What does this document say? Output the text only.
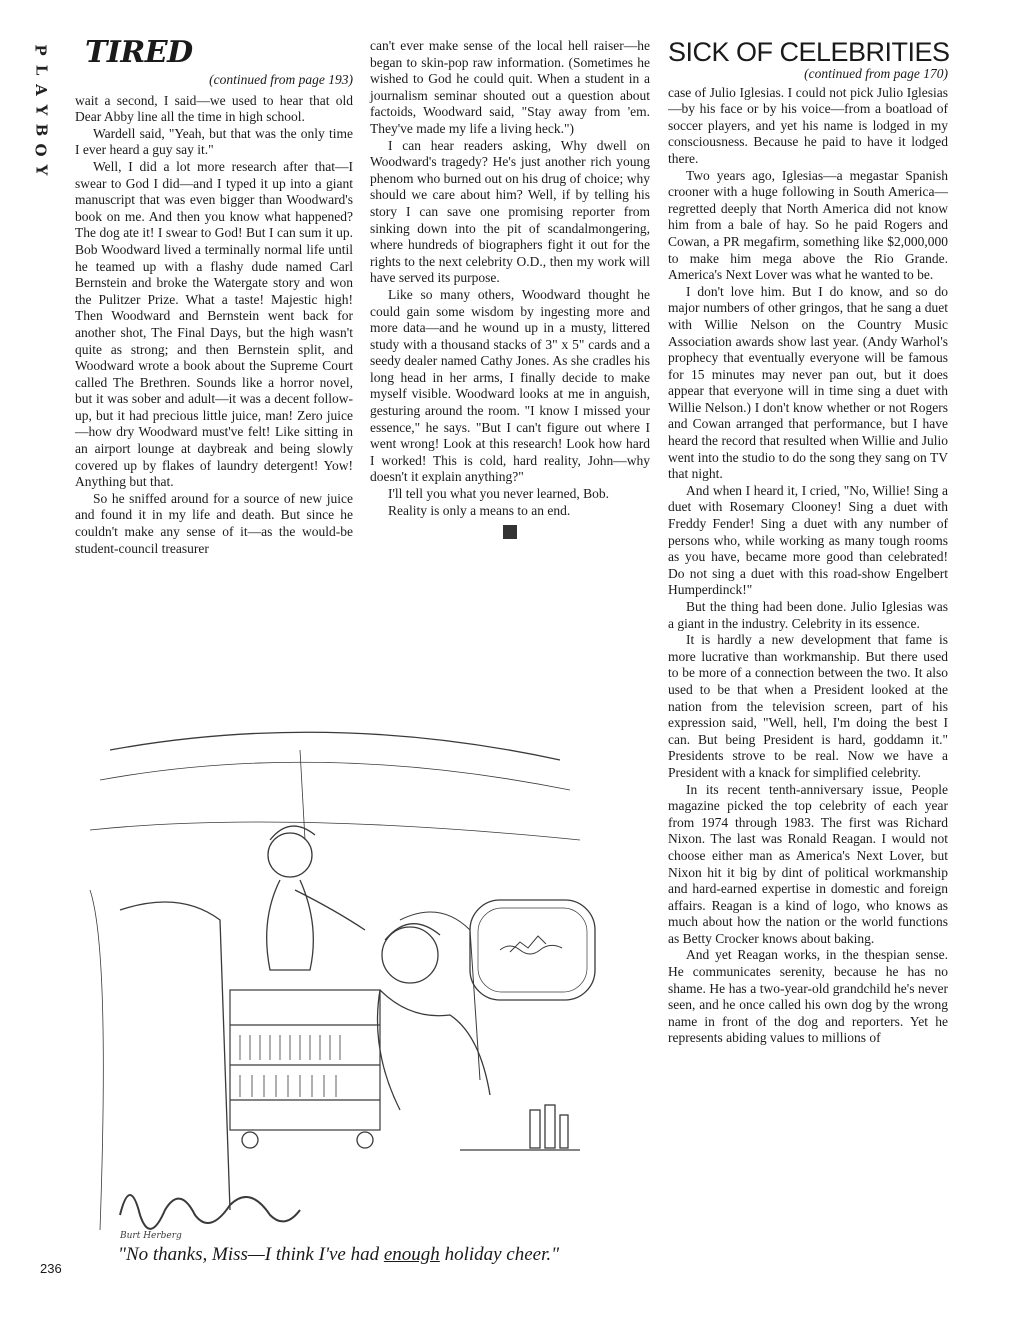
P
L
A
Y
B
O
Y
TIRED
(continued from page 193)

wait a second, I said—we used to hear that old Dear Abby line all the time in high school.

Wardell said, "Yeah, but that was the only time I ever heard a guy say it."

Well, I did a lot more research after that—I swear to God I did—and I typed it up into a giant manuscript that was even bigger than Woodward's book on me. And then you know what happened? The dog ate it! I swear to God! But I can sum it up. Bob Woodward lived a terminally normal life until he teamed up with a flashy dude named Carl Bernstein and broke the Watergate story and won the Pulitzer Prize. What a taste! Majestic high! Then Woodward and Bernstein went back for another shot, The Final Days, but the high wasn't quite as strong; and then Bernstein split, and Woodward wrote a book about the Supreme Court called The Brethren. Sounds like a horror novel, but it was sober and adult—it was a decent follow-up, but it had precious little juice, man! Zero juice—how dry Woodward must've felt! Like sitting in an airport lounge at daybreak and being slowly covered up by flakes of laundry detergent! Yow! Anything but that.

So he sniffed around for a source of new juice and found it in my life and death. But since he couldn't make any sense of it—as the would-be student-council treasurer

can't ever make sense of the local hell raiser—he began to skin-pop raw information. (Sometimes he wished to God he could quit. When a student in a journalism seminar shouted out a question about factoids, Woodward said, "Stay away from 'em. They've made my life a living heck.")

I can hear readers asking, Why dwell on Woodward's tragedy? He's just another rich young phenom who burned out on his drug of choice; why should we care about him? Well, if by telling his story I can save one promising reporter from sinking down into the pit of scandalmongering, where hundreds of biographers fight it out for the rights to the next celebrity O.D., then my work will have served its purpose.

Like so many others, Woodward thought he could gain some wisdom by ingesting more and more data—and he wound up in a musty, littered study with a thousand stacks of 3" x 5" cards and a seedy dealer named Cathy Jones. As she cradles his long head in her arms, I finally decide to make myself visible. Woodward looks at me in anguish, gesturing around the room. "I know I missed your essence," he says. "But I can't figure out where I went wrong! Look at this research! Look how hard I worked! This is cold, hard reality, John—why doesn't it explain anything?"

I'll tell you what you never learned, Bob.

Reality is only a means to an end.

SICK OF CELEBRITIES
(continued from page 170)

case of Julio Iglesias. I could not pick Julio Iglesias—by his face or by his voice—from a boatload of soccer players, and yet his name is lodged in my consciousness. Because he paid to have it lodged there.

Two years ago, Iglesias—a megastar Spanish crooner with a huge following in South America—regretted deeply that North America did not know him from a bale of hay. So he paid Rogers and Cowan, a PR megafirm, something like $2,000,000 to make him mega above the Rio Grande. America's Next Lover was what he wanted to be.

I don't love him. But I do know, and so do major numbers of other gringos, that he sang a duet with Willie Nelson on the Country Music Association awards show last year. (Andy Warhol's prophecy that eventually everyone will be famous for 15 minutes may never pan out, but it does appear that everyone will in time sing a duet with Willie Nelson.) I don't know whether or not Rogers and Cowan arranged that performance, but I have heard the record that resulted when Willie and Julio went into the studio to do the song they sang on TV that night.

And when I heard it, I cried, "No, Willie! Sing a duet with Rosemary Clooney! Sing a duet with Freddy Fender! Sing a duet with any number of persons who, while working as many tough rooms as you have, became more good than celebrated! Do not sing a duet with this road-show Engelbert Humperdinck!"

But the thing had been done. Julio Iglesias was a giant in the industry. Celebrity in its essence.

It is hardly a new development that fame is more lucrative than workmanship. But there used to be more of a connection between the two. It also used to be that when a President looked at the nation from the television screen, part of his expression said, "Well, hell, I'm doing the best I can. But being President is hard, goddamn it." Presidents strove to be real. Now we have a President with a knack for simplified celebrity.

In its recent tenth-anniversary issue, People magazine picked the top celebrity of each year from 1974 through 1983. The first was Richard Nixon. The last was Ronald Reagan. I would not choose either man as America's Next Lover, but Nixon hit it big by dint of political workmanship and hard-earned expertise in domestic and foreign affairs. Reagan is a kind of logo, who knows as much about how the nation or the world functions as Betty Crocker knows about baking.

And yet Reagan works, in the thespian sense. He communicates serenity, because he has no shame. He has a two-year-old grandchild he's never seen, and he once called his own dog by the wrong name in front of the dog and reporters. Yet he represents abiding values to millions of

Burt Herberg
"No thanks, Miss—I think I've had enough holiday cheer."
236
